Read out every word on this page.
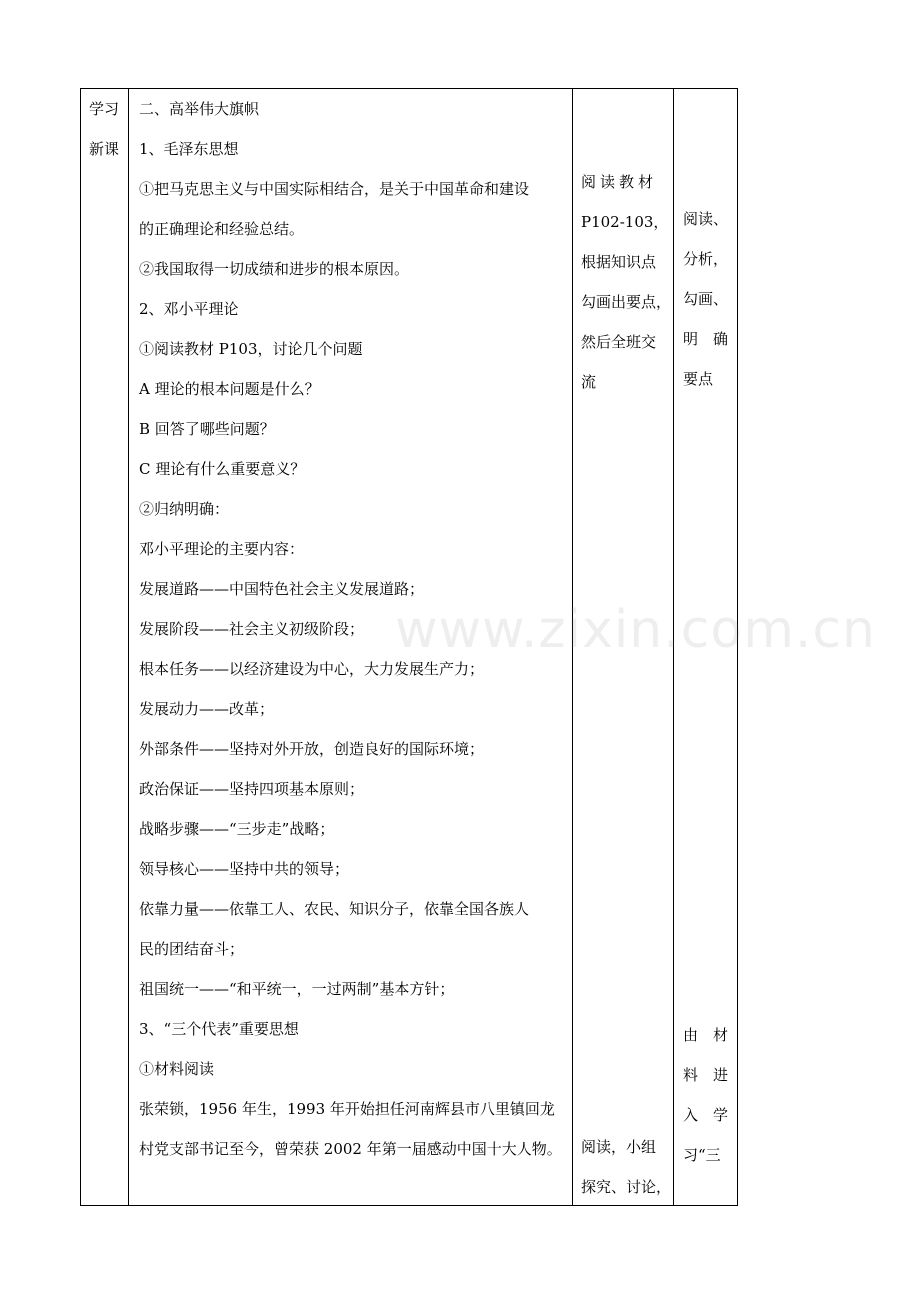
学习
新课
二、高举伟大旗帜
1、毛泽东思想
①把马克思主义与中国实际相结合，是关于中国革命和建设
的正确理论和经验总结。
②我国取得一切成绩和进步的根本原因。
2、邓小平理论
①阅读教材 P103，讨论几个问题
A 理论的根本问题是什么？
B 回答了哪些问题？
C 理论有什么重要意义？
②归纳明确：
邓小平理论的主要内容：
发展道路——中国特色社会主义发展道路；
发展阶段——社会主义初级阶段；
根本任务——以经济建设为中心，大力发展生产力；
发展动力——改革；
外部条件——坚持对外开放，创造良好的国际环境；
政治保证——坚持四项基本原则；
战略步骤——“三步走”战略；
领导核心——坚持中共的领导；
依靠力量——依靠工人、农民、知识分子，依靠全国各族人
民的团结奋斗；
祖国统一——“和平统一，一过两制”基本方针；
3、“三个代表”重要思想
①材料阅读
张荣锁，1956 年生，1993 年开始担任河南辉县市八里镇回龙
村党支部书记至今，曾荣获 2002 年第一届感动中国十大人物。
阅读教材
P102-103，
根据知识点
勾画出要点，
然后全班交
流
阅读，小组
探究、讨论，
阅读、
分析，
勾画、
明　确
要点
由　材
料　进
入　学
习“三
www.zixin.com.cn
